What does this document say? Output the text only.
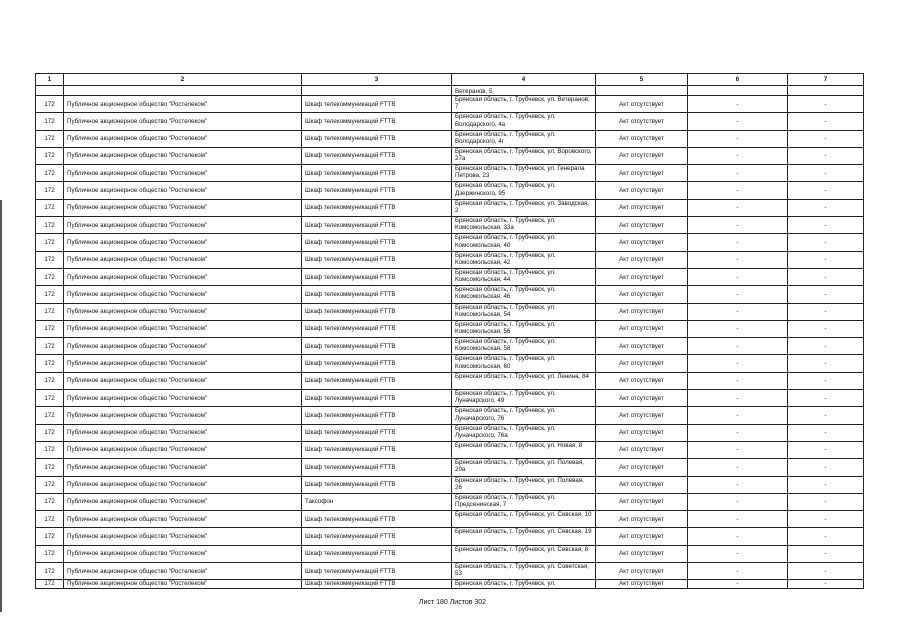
1	2	3	4	5	6	7
			Ветеранов, 5			
172	Публичное акционерное общество "Ростелеком"	Шкаф телекоммуникаций FTTB	Брянская область, г. Трубчевск, ул. Ветеранов, 7	Акт отсутствует	-	-
172	Публичное акционерное общество "Ростелеком"	Шкаф телекоммуникаций FTTB	Брянская область, г. Трубчевск, ул. Володарского, 4а	Акт отсутствует	-	-
172	Публичное акционерное общество "Ростелеком"	Шкаф телекоммуникаций FTTB	Брянская область, г. Трубчевск, ул. Володарского, 4г	Акт отсутствует	-	-
172	Публичное акционерное общество "Ростелеком"	Шкаф телекоммуникаций FTTB	Брянская область, г. Трубчевск, ул. Воровского, 27а	Акт отсутствует	-	-
172	Публичное акционерное общество "Ростелеком"	Шкаф телекоммуникаций FTTB	Брянская область, г. Трубчевск, ул. Генерала Петрова, 23	Акт отсутствует	-	-
172	Публичное акционерное общество "Ростелеком"	Шкаф телекоммуникаций FTTB	Брянская область, г. Трубчевск, ул. Дзержинского, 95	Акт отсутствует	-	-
172	Публичное акционерное общество "Ростелеком"	Шкаф телекоммуникаций FTTB	Брянская область, г. Трубчевск, ул. Заводская, 2	Акт отсутствует	-	-
172	Публичное акционерное общество "Ростелеком"	Шкаф телекоммуникаций FTTB	Брянская область, г. Трубчевск, ул. Комсомольская, 33а	Акт отсутствует	-	-
172	Публичное акционерное общество "Ростелеком"	Шкаф телекоммуникаций FTTB	Брянская область, г. Трубчевск, ул. Комсомольская, 40	Акт отсутствует	-	-
172	Публичное акционерное общество "Ростелеком"	Шкаф телекоммуникаций FTTB	Брянская область, г. Трубчевск, ул. Комсомольская, 42	Акт отсутствует	-	-
172	Публичное акционерное общество "Ростелеком"	Шкаф телекоммуникаций FTTB	Брянская область, г. Трубчевск, ул. Комсомольская, 44	Акт отсутствует	-	-
172	Публичное акционерное общество "Ростелеком"	Шкаф телекоммуникаций FTTB	Брянская область, г. Трубчевск, ул. Комсомольская, 46	Акт отсутствует	-	-
172	Публичное акционерное общество "Ростелеком"	Шкаф телекоммуникаций FTTB	Брянская область, г. Трубчевск, ул. Комсомольская, 54	Акт отсутствует	-	-
172	Публичное акционерное общество "Ростелеком"	Шкаф телекоммуникаций FTTB	Брянская область, г. Трубчевск, ул. Комсомольская, 56	Акт отсутствует	-	-
172	Публичное акционерное общество "Ростелеком"	Шкаф телекоммуникаций FTTB	Брянская область, г. Трубчевск, ул. Комсомольская, 58	Акт отсутствует	-	-
172	Публичное акционерное общество "Ростелеком"	Шкаф телекоммуникаций FTTB	Брянская область, г. Трубчевск, ул. Комсомольская, 60	Акт отсутствует	-	-
172	Публичное акционерное общество "Ростелеком"	Шкаф телекоммуникаций FTTB	Брянская область, г. Трубчевск, ул. Ленина, 84	Акт отсутствует	-	-
172	Публичное акционерное общество "Ростелеком"	Шкаф телекоммуникаций FTTB	Брянская область, г. Трубчевск, ул. Луначарского, 49	Акт отсутствует	-	-
172	Публичное акционерное общество "Ростелеком"	Шкаф телекоммуникаций FTTB	Брянская область, г. Трубчевск, ул. Луначарского, 76	Акт отсутствует	-	-
172	Публичное акционерное общество "Ростелеком"	Шкаф телекоммуникаций FTTB	Брянская область, г. Трубчевск, ул. Луначарского, 76а	Акт отсутствует	-	-
172	Публичное акционерное общество "Ростелеком"	Шкаф телекоммуникаций FTTB	Брянская область, г. Трубчевск, ул. Новая, 8	Акт отсутствует	-	-
172	Публичное акционерное общество "Ростелеком"	Шкаф телекоммуникаций FTTB	Брянская область, г. Трубчевск, ул. Полевая, 20а	Акт отсутствует	-	-
172	Публичное акционерное общество "Ростелеком"	Шкаф телекоммуникаций FTTB	Брянская область, г. Трубчевск, ул. Полевая, 26	Акт отсутствует	-	-
172	Публичное акционерное общество "Ростелеком"	Таксофон	Брянская область, г. Трубчевск, ул. Предсенинская, 7	Акт отсутствует	-	-
172	Публичное акционерное общество "Ростелеком"	Шкаф телекоммуникаций FTTB	Брянская область, г. Трубчевск, ул. Севская, 10	Акт отсутствует	-	-
172	Публичное акционерное общество "Ростелеком"	Шкаф телекоммуникаций FTTB	Брянская область, г. Трубчевск, ул. Севская, 19	Акт отсутствует	-	-
172	Публичное акционерное общество "Ростелеком"	Шкаф телекоммуникаций FTTB	Брянская область, г. Трубчевск, ул. Севская, 8	Акт отсутствует	-	-
172	Публичное акционерное общество "Ростелеком"	Шкаф телекоммуникаций FTTB	Брянская область, г. Трубчевск, ул. Советская, 53	Акт отсутствует	-	-
172	Публичное акционерное общество "Ростелеком"	Шкаф телекоммуникаций FTTB	Брянская область, г. Трубчевск, ул.	Акт отсутствует	-	-
Лист 180 Листов 302
